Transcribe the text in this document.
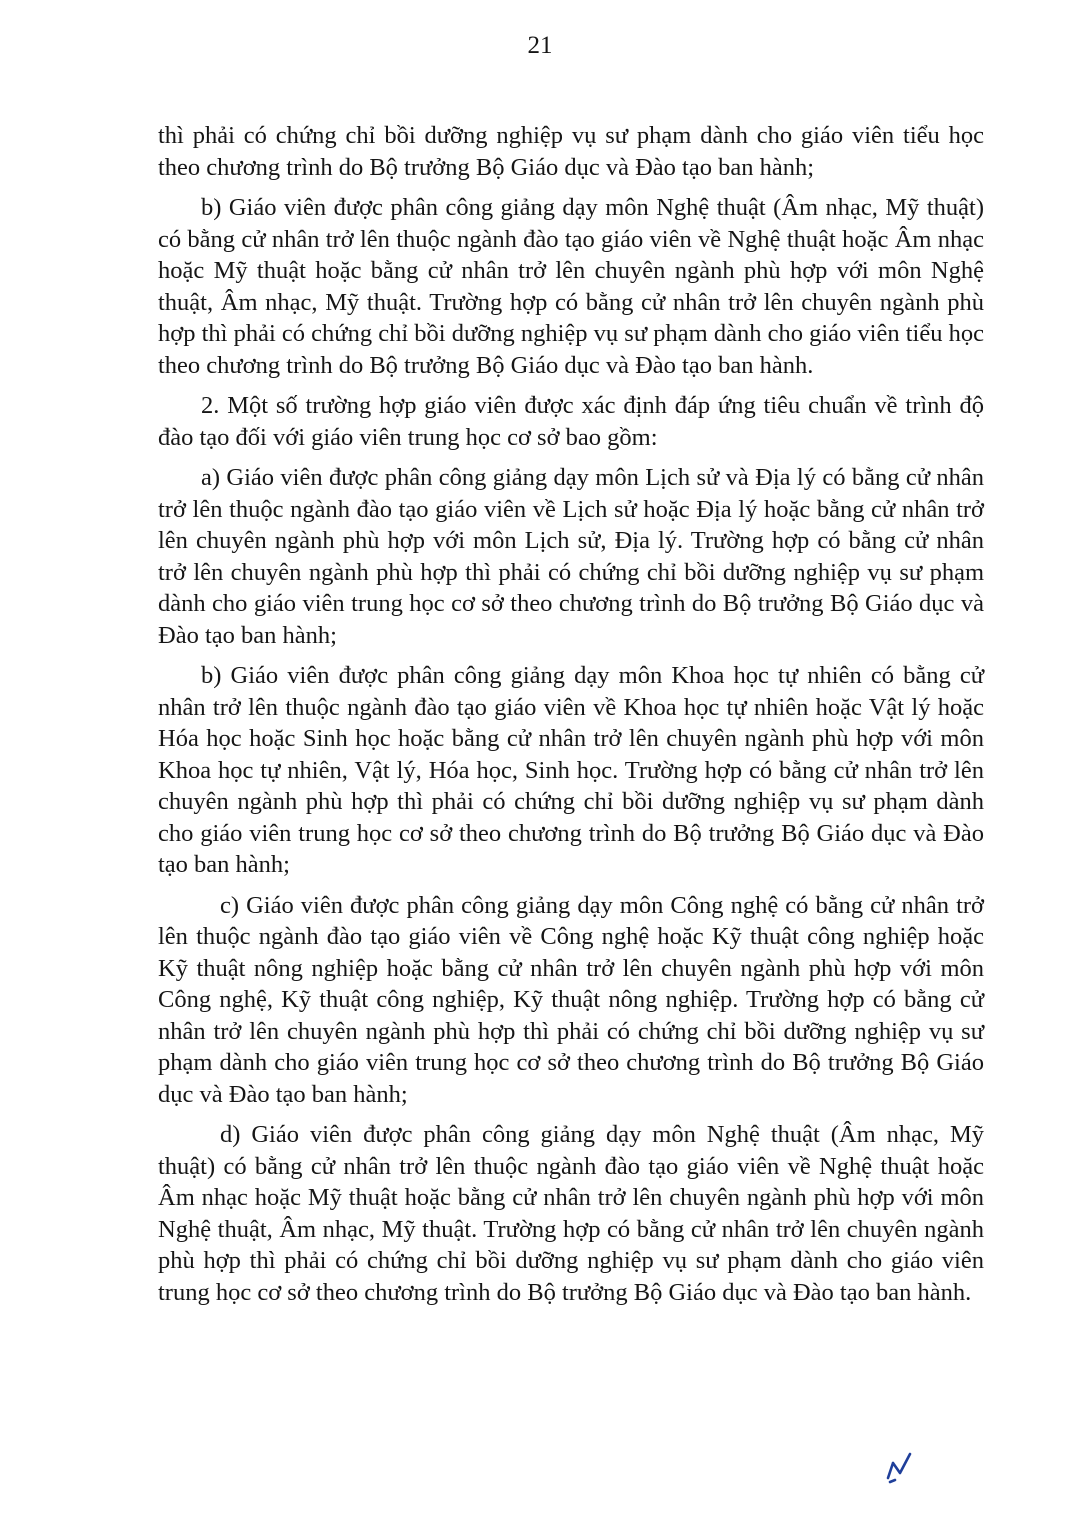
21

thì phải có chứng chỉ bồi dưỡng nghiệp vụ sư phạm dành cho giáo viên tiểu học theo chương trình do Bộ trưởng Bộ Giáo dục và Đào tạo ban hành;

b) Giáo viên được phân công giảng dạy môn Nghệ thuật (Âm nhạc, Mỹ thuật) có bằng cử nhân trở lên thuộc ngành đào tạo giáo viên về Nghệ thuật hoặc Âm nhạc hoặc Mỹ thuật hoặc bằng cử nhân trở lên chuyên ngành phù hợp với môn Nghệ thuật, Âm nhạc, Mỹ thuật. Trường hợp có bằng cử nhân trở lên chuyên ngành phù hợp thì phải có chứng chỉ bồi dưỡng nghiệp vụ sư phạm dành cho giáo viên tiểu học theo chương trình do Bộ trưởng Bộ Giáo dục và Đào tạo ban hành.

2. Một số trường hợp giáo viên được xác định đáp ứng tiêu chuẩn về trình độ đào tạo đối với giáo viên trung học cơ sở bao gồm:

a) Giáo viên được phân công giảng dạy môn Lịch sử và Địa lý có bằng cử nhân trở lên thuộc ngành đào tạo giáo viên về Lịch sử hoặc Địa lý hoặc bằng cử nhân trở lên chuyên ngành phù hợp với môn Lịch sử, Địa lý. Trường hợp có bằng cử nhân trở lên chuyên ngành phù hợp thì phải có chứng chỉ bồi dưỡng nghiệp vụ sư phạm dành cho giáo viên trung học cơ sở theo chương trình do Bộ trưởng Bộ Giáo dục và Đào tạo ban hành;

b) Giáo viên được phân công giảng dạy môn Khoa học tự nhiên có bằng cử nhân trở lên thuộc ngành đào tạo giáo viên về Khoa học tự nhiên hoặc Vật lý hoặc Hóa học hoặc Sinh học hoặc bằng cử nhân trở lên chuyên ngành phù hợp với môn Khoa học tự nhiên, Vật lý, Hóa học, Sinh học. Trường hợp có bằng cử nhân trở lên chuyên ngành phù hợp thì phải có chứng chỉ bồi dưỡng nghiệp vụ sư phạm dành cho giáo viên trung học cơ sở theo chương trình do Bộ trưởng Bộ Giáo dục và Đào tạo ban hành;

c) Giáo viên được phân công giảng dạy môn Công nghệ có bằng cử nhân trở lên thuộc ngành đào tạo giáo viên về Công nghệ hoặc Kỹ thuật công nghiệp hoặc Kỹ thuật nông nghiệp hoặc bằng cử nhân trở lên chuyên ngành phù hợp với môn Công nghệ, Kỹ thuật công nghiệp, Kỹ thuật nông nghiệp. Trường hợp có bằng cử nhân trở lên chuyên ngành phù hợp thì phải có chứng chỉ bồi dưỡng nghiệp vụ sư phạm dành cho giáo viên trung học cơ sở theo chương trình do Bộ trưởng Bộ Giáo dục và Đào tạo ban hành;

d) Giáo viên được phân công giảng dạy môn Nghệ thuật (Âm nhạc, Mỹ thuật) có bằng cử nhân trở lên thuộc ngành đào tạo giáo viên về Nghệ thuật hoặc Âm nhạc hoặc Mỹ thuật hoặc bằng cử nhân trở lên chuyên ngành phù hợp với môn Nghệ thuật, Âm nhạc, Mỹ thuật. Trường hợp có bằng cử nhân trở lên chuyên ngành phù hợp thì phải có chứng chỉ bồi dưỡng nghiệp vụ sư phạm dành cho giáo viên trung học cơ sở theo chương trình do Bộ trưởng Bộ Giáo dục và Đào tạo ban hành.
